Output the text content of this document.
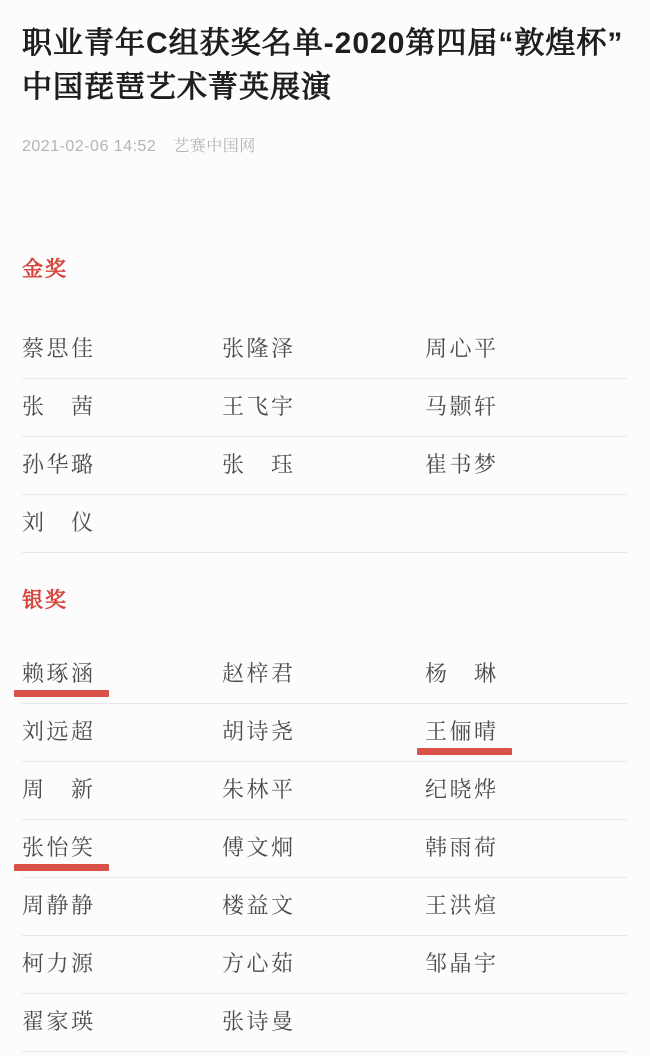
职业青年C组获奖名单-2020第四届“敦煌杯”中国琵琶艺术菁英展演
2021-02-06 14:52 艺赛中国网
金奖
蔡思佳	张隆泽	周心平
张　茜	王飞宇	马颢轩
孙华璐	张　珏	崔书梦
刘　仪
银奖
赖琢涵	赵梓君	杨　琳
刘远超	胡诗尧	王俪晴
周　新	朱林平	纪晓烨
张怡笑	傅文炯	韩雨荷
周静静	楼益文	王洪煊
柯力源	方心茹	邹晶宇
翟家瑛	张诗曼
